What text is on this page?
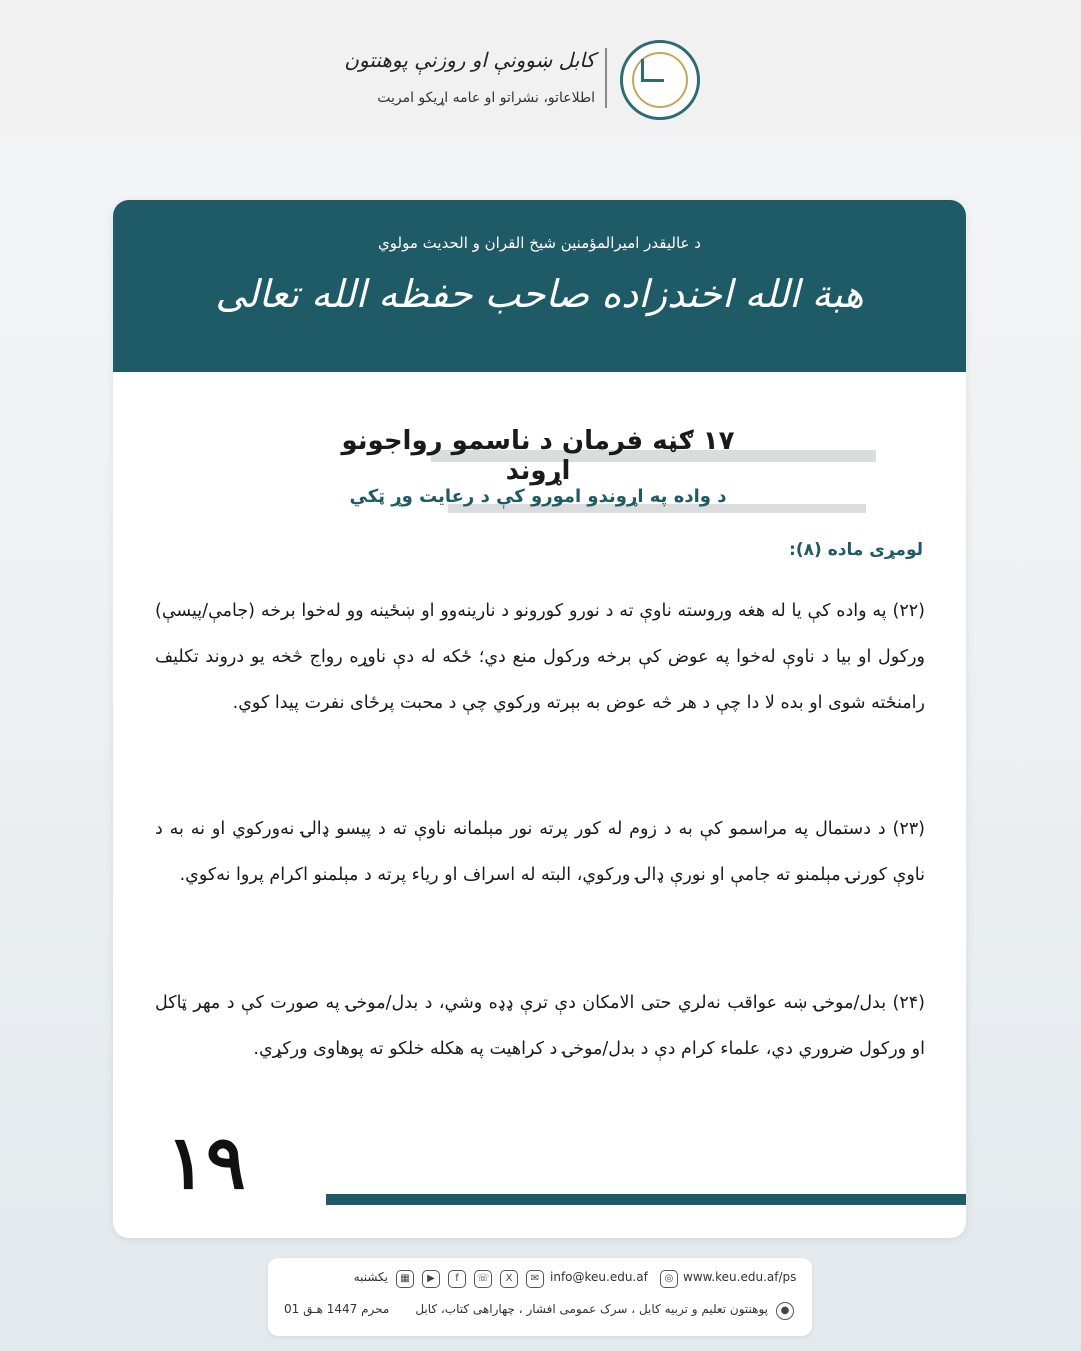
کابل ښوونې او روزنې پوهنتون
اطلاعاتو، نشراتو او عامه اړیکو امریت
د عالیقدر امیرالمؤمنین شیخ القران و الحدیث مولوي
هبة الله اخندزاده صاحب حفظه الله تعالی
۱۷ ګڼه فرمان د ناسمو رواجونو اړوند
د واده په اړوندو امورو کې د رعایت وړ ټکي
لومړی ماده (۸):
(۲۲) په واده کې یا له هغه وروسته ناوې ته د نورو کورونو د نارینه‌وو او ښځینه وو له‌خوا برخه (جامې/پیسې) ورکول او بیا د ناوې له‌خوا په عوض کې برخه ورکول منع دي؛ ځکه له دې ناوړه رواج څخه یو دروند تکلیف رامنځته شوی او بده لا دا چې د هر څه عوض به بېرته ورکوي چې د محبت پرځای نفرت پیدا کوي.
(۲۳) د دستمال په مراسمو کې به د زوم له کور پرته نور مېلمانه ناوې ته د پیسو ډالۍ نه‌ورکوي او نه به د ناوې کورنۍ مېلمنو ته جامې او نورې ډالۍ ورکوي، البته له اسراف او ریاء پرته د مېلمنو اکرام پروا نه‌کوي.
(۲۴) بدل/موخۍ ښه عواقب نه‌لري حتی الامکان دې ترې ډډه وشي، د بدل/موخۍ په صورت کې د مهر ټاکل او ورکول ضروري دي، علماء کرام دې د بدل/موخۍ د کراهیت په هکله خلکو ته پوهاوی ورکړي.
۱۹
www.keu.edu.af/ps
◎
info@keu.edu.af
✉
X
☏
f
▶
▦
یکشنبه
●
پوهنتون تعلیم و تربیه کابل ، سرک عمومی افشار ، چهاراهی کتاب، کابل
01 محرم 1447 هـق
